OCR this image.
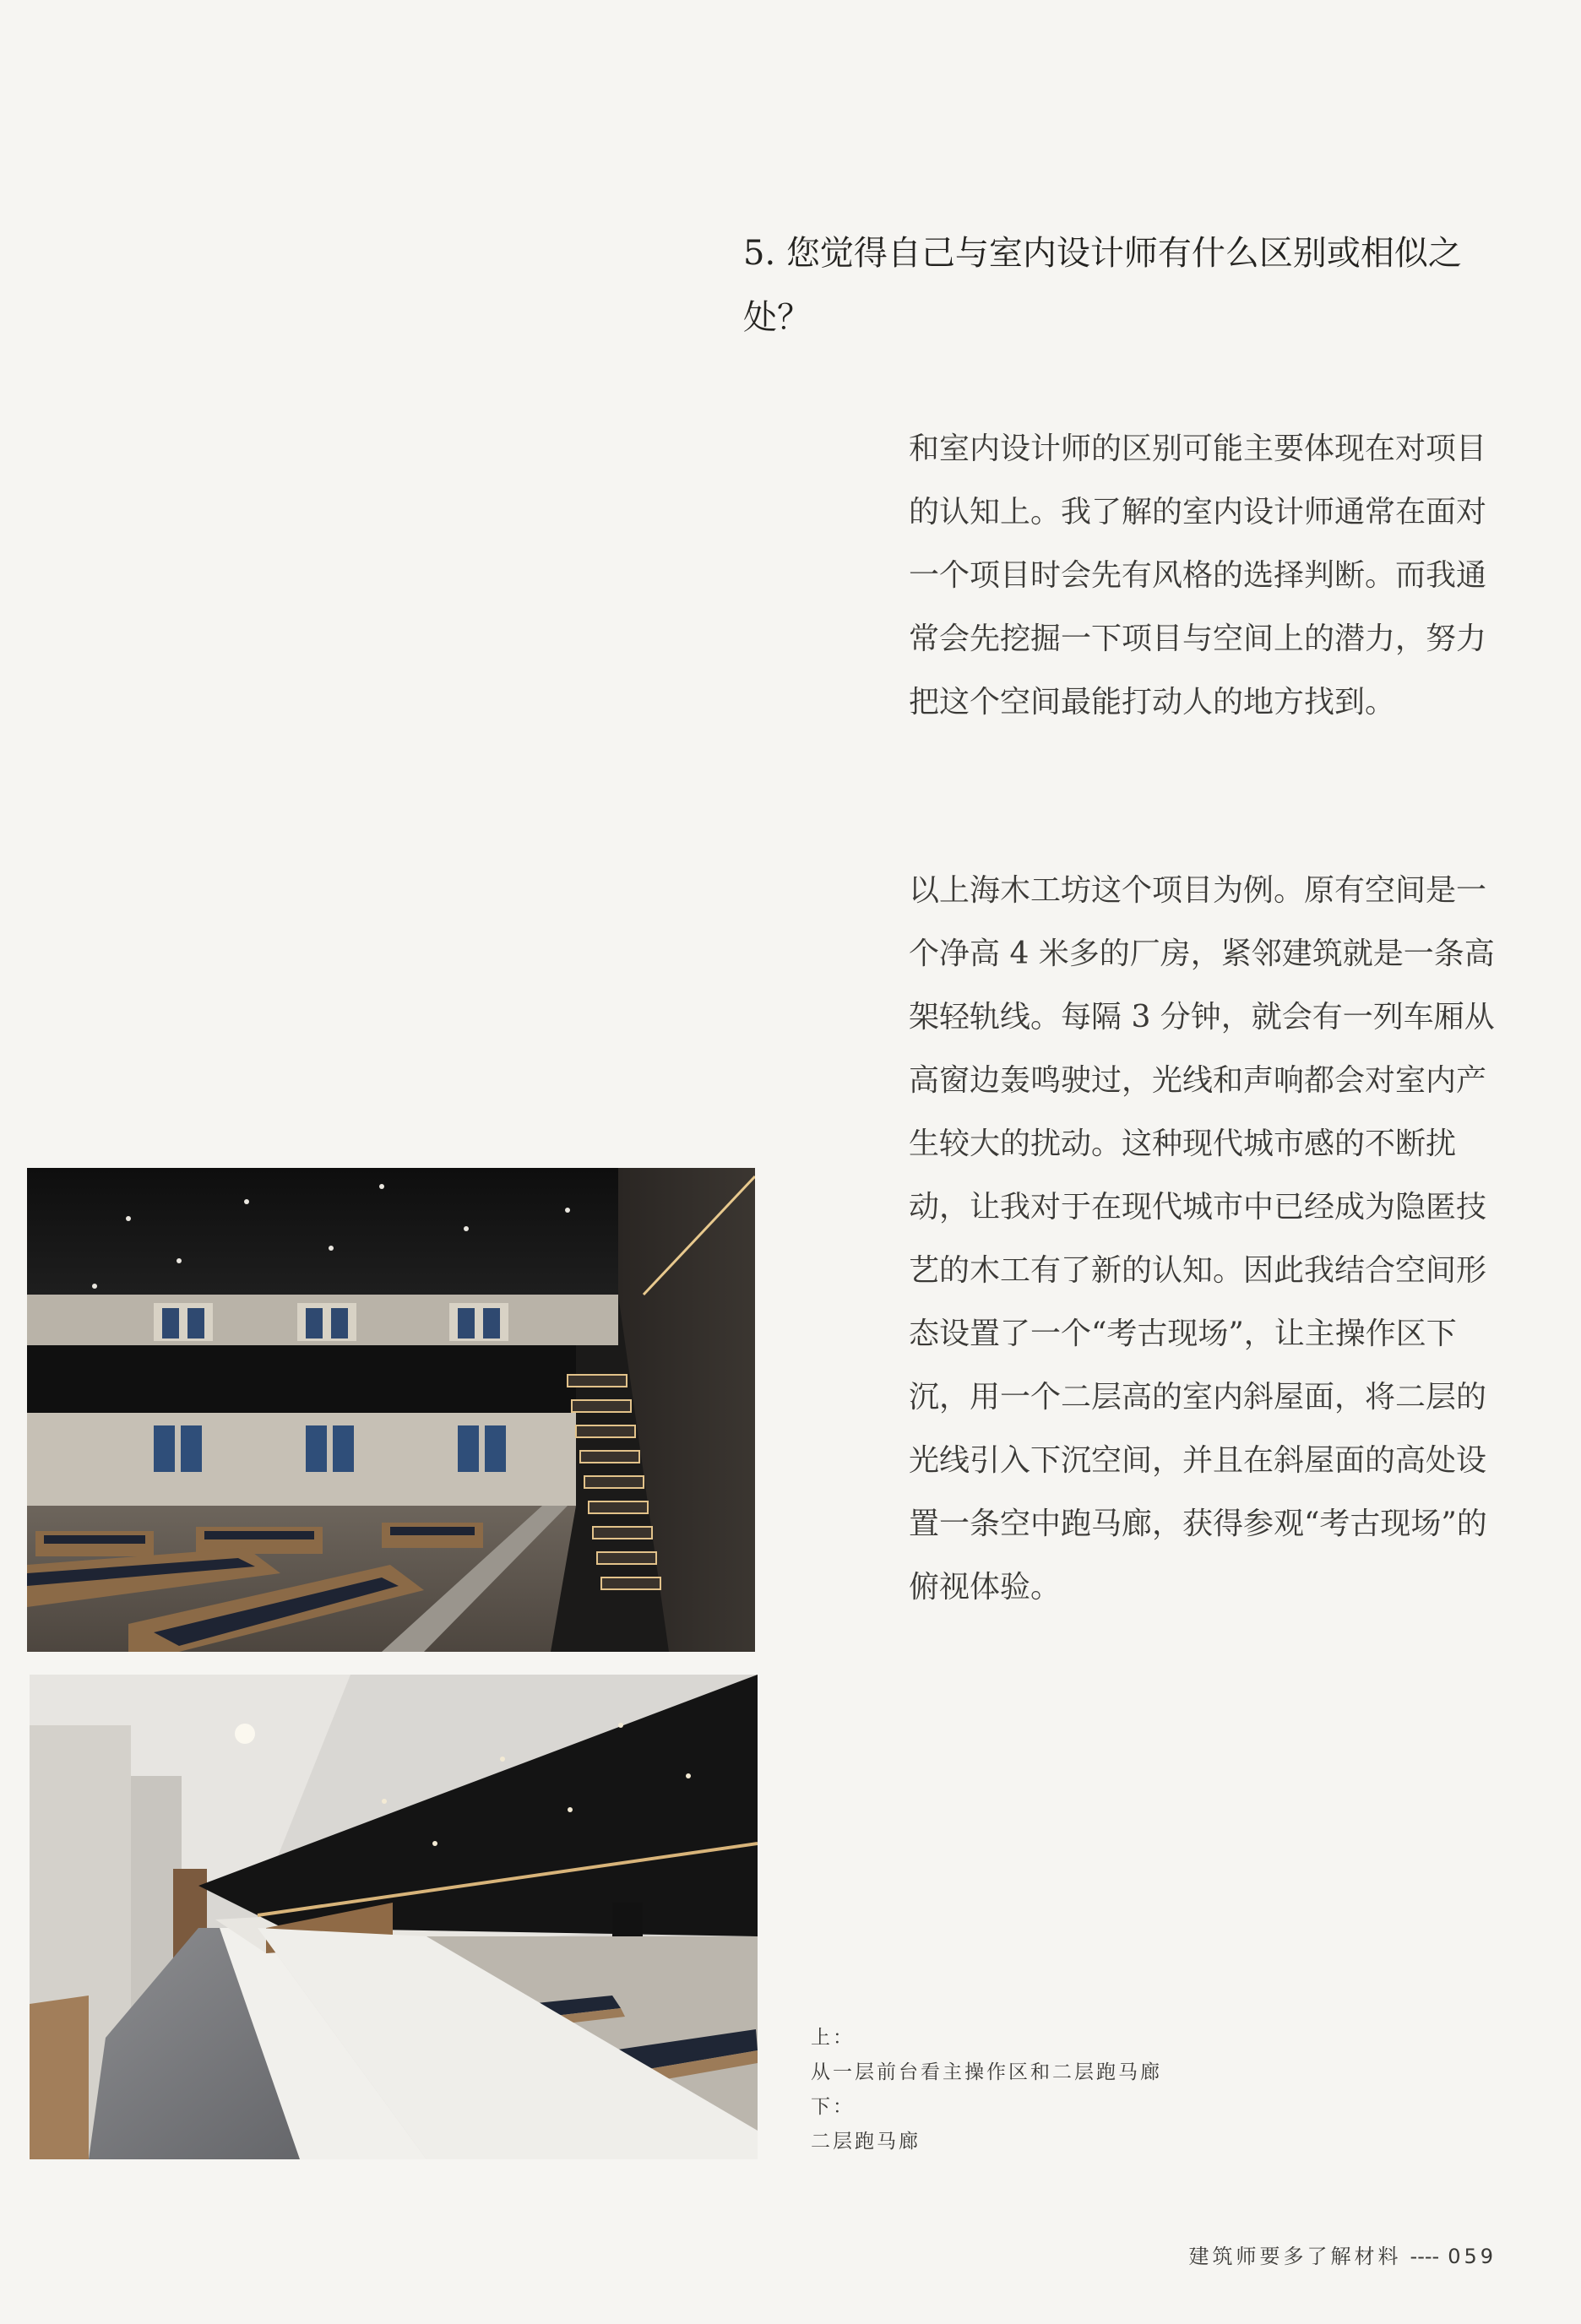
5. 您觉得自己与室内设计师有什么区别或相似之处？

和室内设计师的区别可能主要体现在对项目的认知上。我了解的室内设计师通常在面对一个项目时会先有风格的选择判断。而我通常会先挖掘一下项目与空间上的潜力，努力把这个空间最能打动人的地方找到。

以上海木工坊这个项目为例。原有空间是一个净高 4 米多的厂房，紧邻建筑就是一条高架轻轨线。每隔 3 分钟，就会有一列车厢从高窗边轰鸣驶过，光线和声响都会对室内产生较大的扰动。这种现代城市感的不断扰动，让我对于在现代城市中已经成为隐匿技艺的木工有了新的认知。因此我结合空间形态设置了一个“考古现场”，让主操作区下沉，用一个二层高的室内斜屋面，将二层的光线引入下沉空间，并且在斜屋面的高处设置一条空中跑马廊，获得参观“考古现场”的俯视体验。

上：
从一层前台看主操作区和二层跑马廊
下：
二层跑马廊
建筑师要多了解材料 ---- 059
